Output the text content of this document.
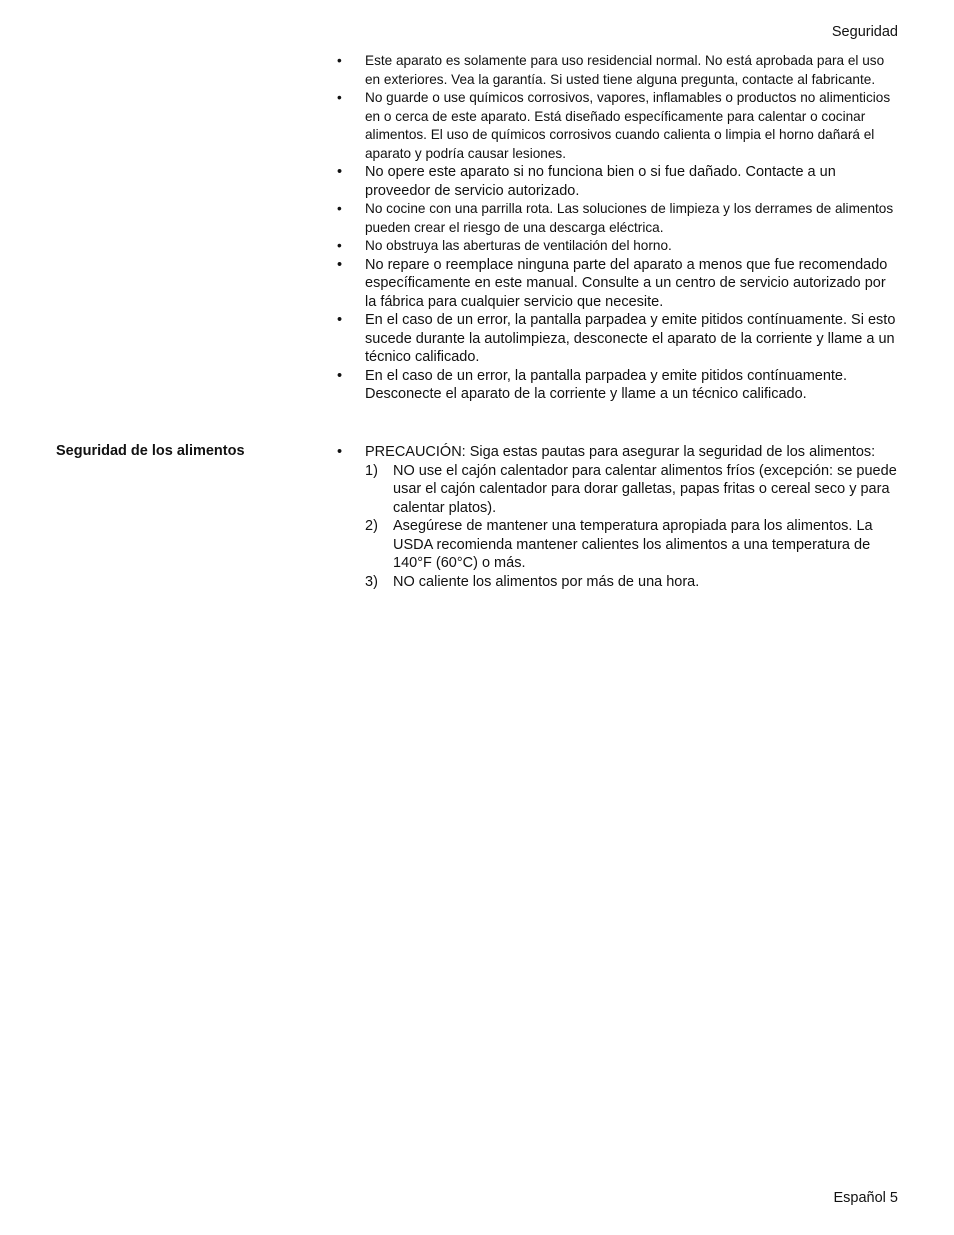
Seguridad
• Este aparato es solamente para uso residencial normal. No está aprobada para el uso en exteriores. Vea la garantía. Si usted tiene alguna pregunta, contacte al fabricante.
• No guarde o use químicos corrosivos, vapores, inflamables o productos no alimenticios en o cerca de este aparato. Está diseñado específicamente para calentar o cocinar alimentos. El uso de químicos corrosivos cuando calienta o limpia el horno dañará el aparato y podría causar lesiones.
• No opere este aparato si no funciona bien o si fue dañado. Contacte a un proveedor de servicio autorizado.
• No cocine con una parrilla rota. Las soluciones de limpieza y los derrames de alimentos pueden crear el riesgo de una descarga eléctrica.
• No obstruya las aberturas de ventilación del horno.
• No repare o reemplace ninguna parte del aparato a menos que fue recomendado específicamente en este manual. Consulte a un centro de servicio autorizado por la fábrica para cualquier servicio que necesite.
• En el caso de un error, la pantalla parpadea y emite pitidos contínuamente. Si esto sucede durante la autolimpieza, desconecte el aparato de la corriente y llame a un técnico calificado.
• En el caso de un error, la pantalla parpadea y emite pitidos contínuamente. Desconecte el aparato de la corriente y llame a un técnico calificado.
Seguridad de los alimentos	• PRECAUCIÓN: Siga estas pautas para asegurar la seguridad de los alimentos:
1) NO use el cajón calentador para calentar alimentos fríos (excepción: se puede usar el cajón calentador para dorar galletas, papas fritas o cereal seco y para calentar platos).
2) Asegúrese de mantener una temperatura apropiada para los alimentos. La USDA recomienda mantener calientes los alimentos a una temperatura de 140°F (60°C) o más.
3) NO caliente los alimentos por más de una hora.
Español 5
